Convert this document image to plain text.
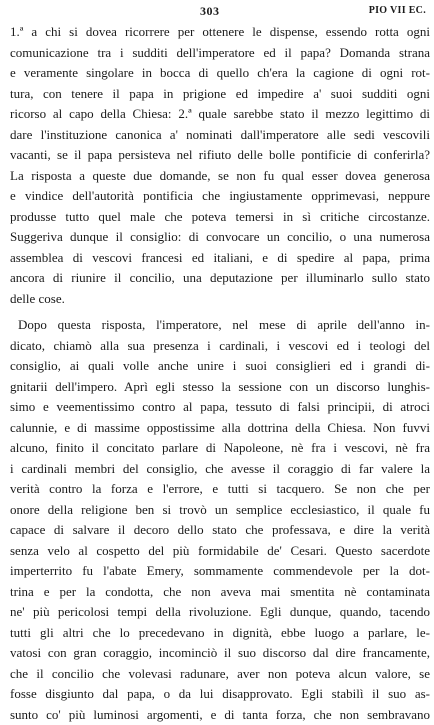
303	PIO VII EC.
1.ª a chi si dovea ricorrere per ottenere le dispense, essendo rotta ogni
comunicazione tra i sudditi dell'imperatore ed il papa? Domanda strana
e veramente singolare in bocca di quello ch'era la cagione di ogni rot-
tura, con tenere il papa in prigione ed impedire a' suoi sudditi ogni
ricorso al capo della Chiesa: 2.ª quale sarebbe stato il mezzo legittimo di
dare l'instituzione canonica a' nominati dall'imperatore alle sedi vescovili
vacanti, se il papa persisteva nel rifiuto delle bolle pontificie di conferirla?
La risposta a queste due domande, se non fu qual esser dovea generosa
e vindice dell'autorità pontificia che ingiustamente opprimevasi, neppure
produsse tutto quel male che poteva temersi in sì critiche circostanze.
Suggeriva dunque il consiglio: di convocare un concilio, o una numerosa
assemblea di vescovi francesi ed italiani, e di spedire al papa, prima
ancora di riunire il concilio, una deputazione per illuminarlo sullo stato
delle cose.
Dopo questa risposta, l'imperatore, nel mese di aprile dell'anno in-
dicato, chiamò alla sua presenza i cardinali, i vescovi ed i teologi del
consiglio, ai quali volle anche unire i suoi consiglieri ed i grandi di-
gnitarii dell'impero. Aprì egli stesso la sessione con un discorso lunghis-
simo e veementissimo contro al papa, tessuto di falsi principii, di atroci
calunnie, e di massime oppostissime alla dottrina della Chiesa. Non fuvvi
alcuno, finito il concitato parlare di Napoleone, nè fra i vescovi, nè fra
i cardinali membri del consiglio, che avesse il coraggio di far valere la
verità contro la forza e l'errore, e tutti si tacquero. Se non che per
onore della religione ben si trovò un semplice ecclesiastico, il quale fu
capace di salvare il decoro dello stato che professava, e dire la verità
senza velo al cospetto del più formidabile de' Cesari. Questo sacerdote
imperterrito fu l'abate Emery, sommamente commendevole per la dot-
trina e per la condotta, che non aveva mai smentita nè contaminata
ne' più pericolosi tempi della rivoluzione. Egli dunque, quando, tacendo
tutti gli altri che lo precedevano in dignità, ebbe luogo a parlare, le-
vatosi con gran coraggio, incominciò il suo discorso dal dire francamente,
che il concilio che volevasi radunare, aver non poteva alcun valore, se
fosse disgiunto dal papa, o da lui disapprovato. Egli stabilì il suo as-
sunto co' più luminosi argomenti, e di tanta forza, che non sembravano
